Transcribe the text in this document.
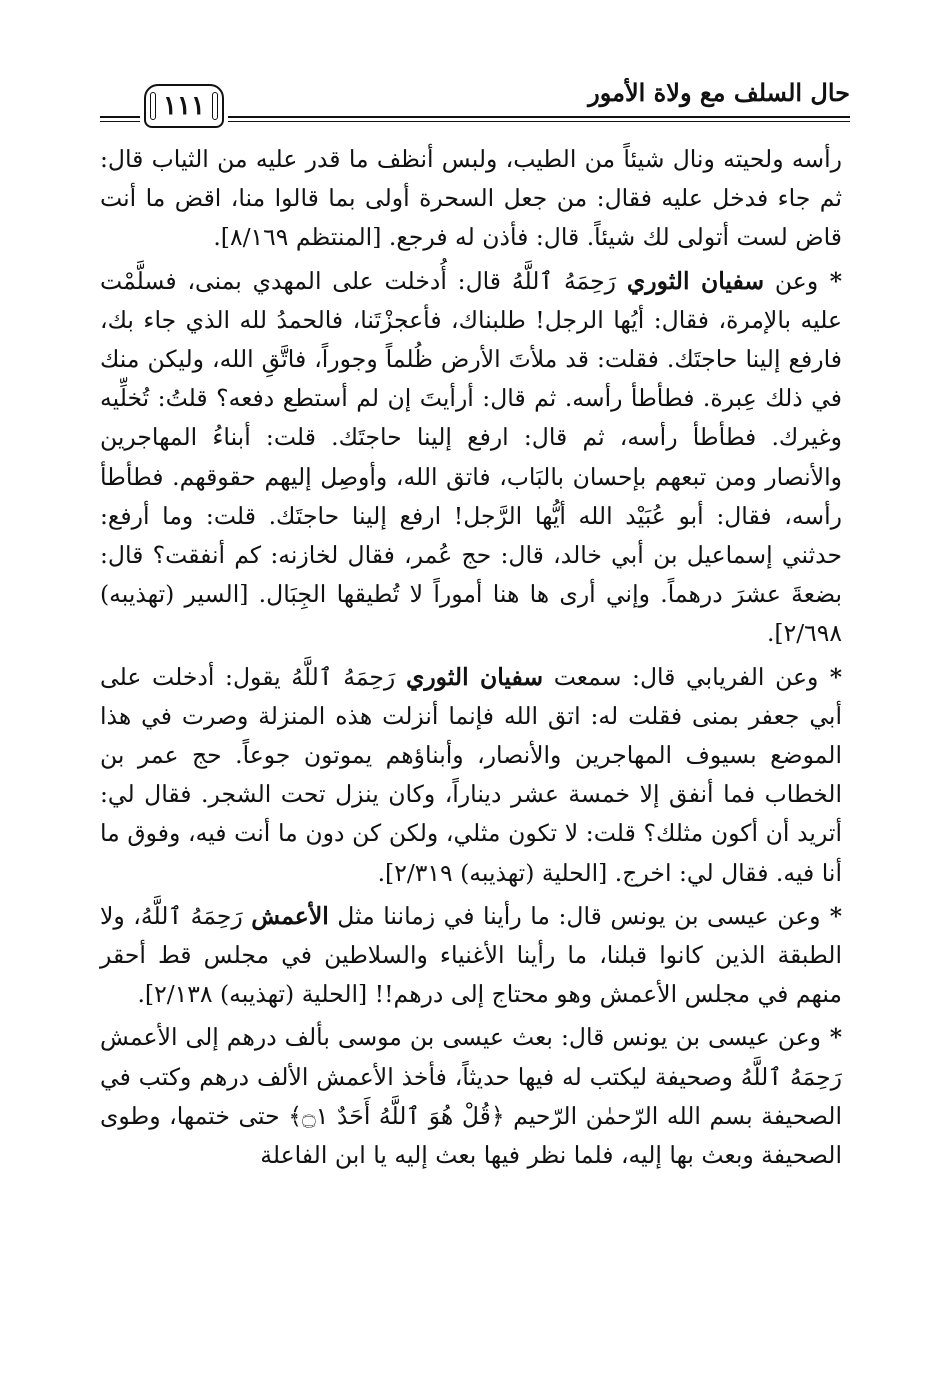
حال السلف مع ولاة الأمور
١١١

رأسه ولحيته ونال شيئاً من الطيب، ولبس أنظف ما قدر عليه من الثياب قال: ثم جاء فدخل عليه فقال: من جعل السحرة أولى بما قالوا منا، اقض ما أنت قاض لست أتولى لك شيئاً. قال: فأذن له فرجع. [المنتظم ٨/١٦٩].

* وعن سفيان الثوري رَحِمَهُ ٱللَّهُ قال: أُدخلت على المهدي بمنى، فسلَّمْت عليه بالإمرة، فقال: أيُها الرجل! طلبناك، فأعجزْتَنا، فالحمدُ لله الذي جاء بك، فارفع إلينا حاجتَك. فقلت: قد ملأتَ الأرض ظُلماً وجوراً، فاتَّقِ الله، وليكن منك في ذلك عِبرة. فطأطأ رأسه. ثم قال: أرأيتَ إن لم أستطع دفعه؟ قلتُ: تُخلِّيه وغيرك. فطأطأ رأسه، ثم قال: ارفع إلينا حاجتَك. قلت: أبناءُ المهاجرين والأنصار ومن تبعهم بإحسان بالبَاب، فاتق الله، وأوصِل إليهم حقوقهم. فطأطأ رأسه، فقال: أبو عُبَيْد الله أيُّها الرَّجل! ارفع إلينا حاجتَك. قلت: وما أرفع: حدثني إسماعيل بن أبي خالد، قال: حج عُمر، فقال لخازنه: كم أنفقت؟ قال: بضعةَ عشرَ درهماً. وإني أرى ها هنا أموراً لا تُطيقها الجِبَال. [السير (تهذيبه) ٢/٦٩٨].

* وعن الفريابي قال: سمعت سفيان الثوري رَحِمَهُ ٱللَّهُ يقول: أدخلت على أبي جعفر بمنى فقلت له: اتق الله فإنما أنزلت هذه المنزلة وصرت في هذا الموضع بسيوف المهاجرين والأنصار، وأبناؤهم يموتون جوعاً. حج عمر بن الخطاب فما أنفق إلا خمسة عشر ديناراً، وكان ينزل تحت الشجر. فقال لي: أتريد أن أكون مثلك؟ قلت: لا تكون مثلي، ولكن كن دون ما أنت فيه، وفوق ما أنا فيه. فقال لي: اخرج. [الحلية (تهذيبه) ٢/٣١٩].

* وعن عيسى بن يونس قال: ما رأينا في زماننا مثل الأعمش رَحِمَهُ ٱللَّهُ، ولا الطبقة الذين كانوا قبلنا، ما رأينا الأغنياء والسلاطين في مجلس قط أحقر منهم في مجلس الأعمش وهو محتاج إلى درهم!! [الحلية (تهذيبه) ٢/١٣٨].

* وعن عيسى بن يونس قال: بعث عيسى بن موسى بألف درهم إلى الأعمش رَحِمَهُ ٱللَّهُ وصحيفة ليكتب له فيها حديثاً، فأخذ الأعمش الألف درهم وكتب في الصحيفة بسم الله الرّحمٰن الرّحيم ﴿قُلْ هُوَ ٱللَّهُ أَحَدٌ ۝١﴾ حتى ختمها، وطوى الصحيفة وبعث بها إليه، فلما نظر فيها بعث إليه يا ابن الفاعلة
